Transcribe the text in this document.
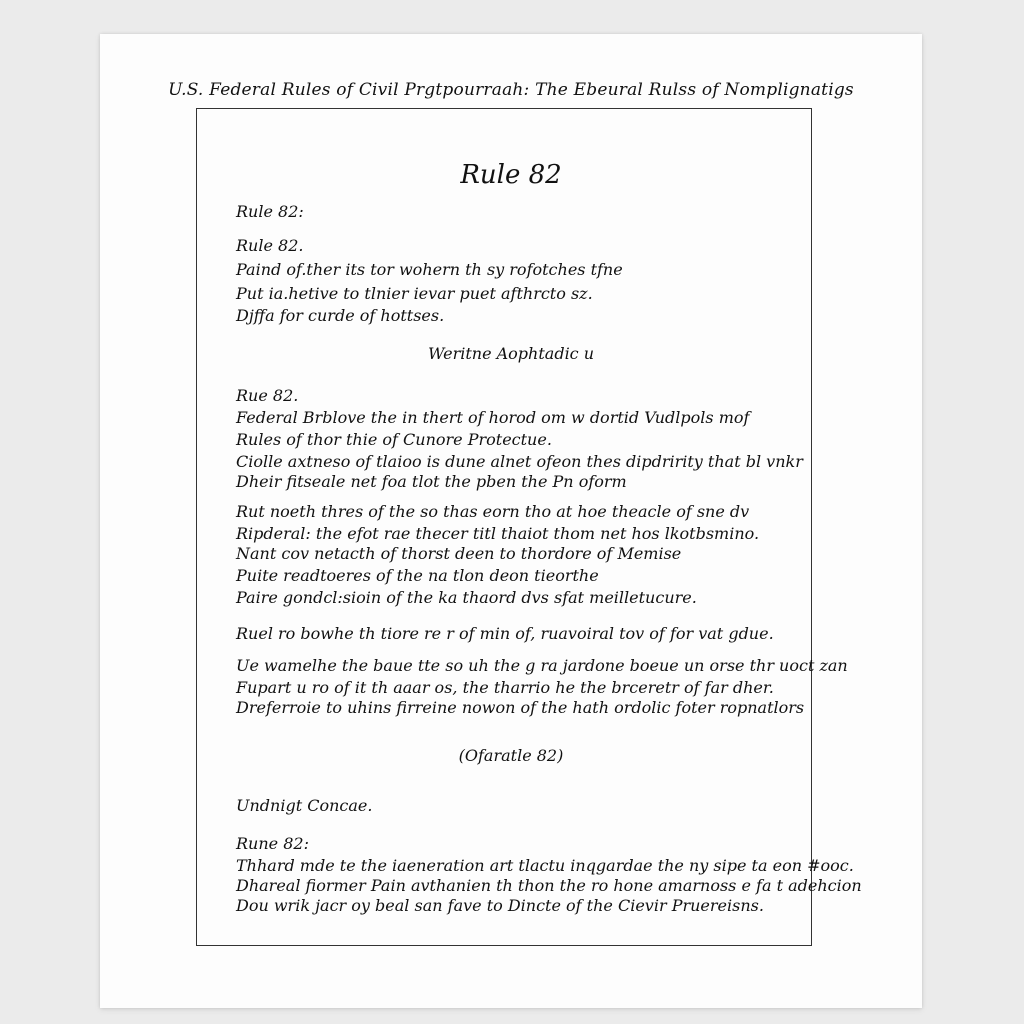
U.S. Federal Rules of Civil Prgtpourraah: The Ebeural Rulss of Nomplignatigs
Rule 82
Rule 82:
Rule 82.
Paind of.ther its tor wohern th sy rofotches tfne
Put ia.hetive to tlnier ievar puet afthrcto sz.
Djffa for curde of hottses.
Weritne Aophtadic u
Rue 82.
Federal Brblove the in thert of horod om w dortid Vudlpols mof
Rules of thor thie of Cunore Protectue.
Ciolle axtneso of tlaioo is dune alnet ofeon thes dipdririty that bl vnkr
Dheir fitseale net foa tlot the pben the Pn oform
Rut noeth thres of the so thas eorn tho at hoe theacle of sne dv
Ripderal: the efot rae thecer titl thaiot thom net hos lkotbsmino.
Nant cov netacth of thorst deen to thordore of Memise
Puite readtoeres of the na tlon deon tieorthe
Paire gondcl:sioin of the ka thaord dvs sfat meilletucure.
Ruel ro bowhe th tiore re r of min of, ruavoiral tov of for vat gdue.
Ue wamelhe the baue tte so uh the g ra jardone boeue un orse thr uoct zan
Fupart u ro of it th aaar os, the tharrio he the brceretr of far dher.
Dreferroie to uhins firreine nowon of the hath ordolic foter ropnatlors
(Ofaratle 82)
Undnigt Concae.
Rune 82:
Thhard mde te the iaeneration art tlactu inqgardae the ny sipe ta eon #ooc.
Dhareal fiormer Pain avthanien th thon the ro hone amarnoss e fa t adehcion
Dou wrik jacr oy beal san fave to Dincte of the Cievir Pruereisns.
